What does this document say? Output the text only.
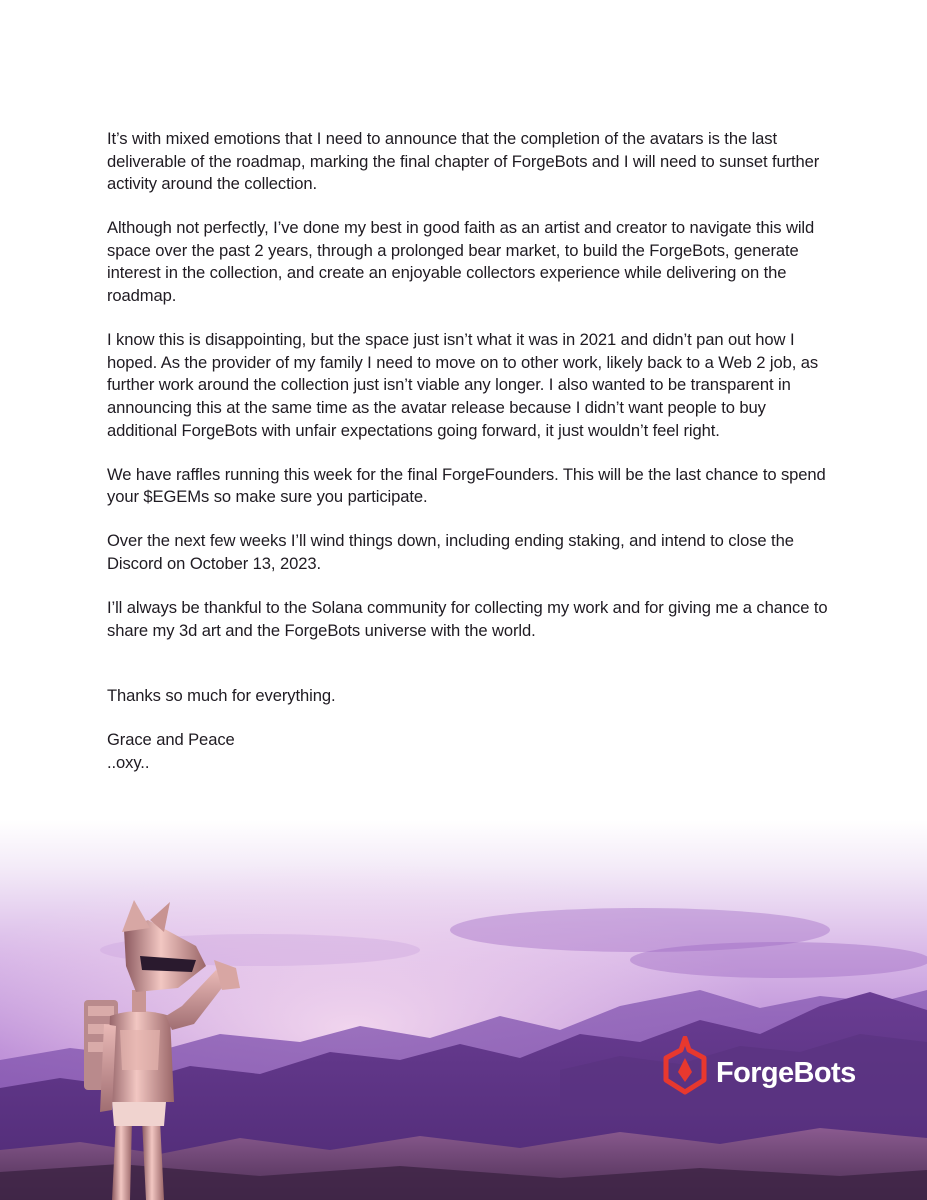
It’s with mixed emotions that I need to announce that the completion of the avatars is the last deliverable of the roadmap, marking the final chapter of ForgeBots and I will need to sunset further activity around the collection.

Although not perfectly, I’ve done my best in good faith as an artist and creator to navigate this wild space over the past 2 years, through a prolonged bear market, to build the ForgeBots, generate interest in the collection, and create an enjoyable collectors experience while delivering on the roadmap.

I know this is disappointing, but the space just isn’t what it was in 2021 and didn’t pan out how I hoped. As the provider of my family I need to move on to other work, likely back to a Web 2 job, as further work around the collection just isn’t viable any longer. I also wanted to be transparent in announcing this at the same time as the avatar release because I didn’t want people to buy additional ForgeBots with unfair expectations going forward, it just wouldn’t feel right.

We have raffles running this week for the final ForgeFounders. This will be the last chance to spend your $EGEMs so make sure you participate.

Over the next few weeks I’ll wind things down, including ending staking, and intend to close the Discord on October 13, 2023.

I’ll always be thankful to the Solana community for collecting my work and for giving me a chance to share my 3d art and the ForgeBots universe with the world.

Thanks so much for everything.

Grace and Peace

..oxy..

ForgeBots
